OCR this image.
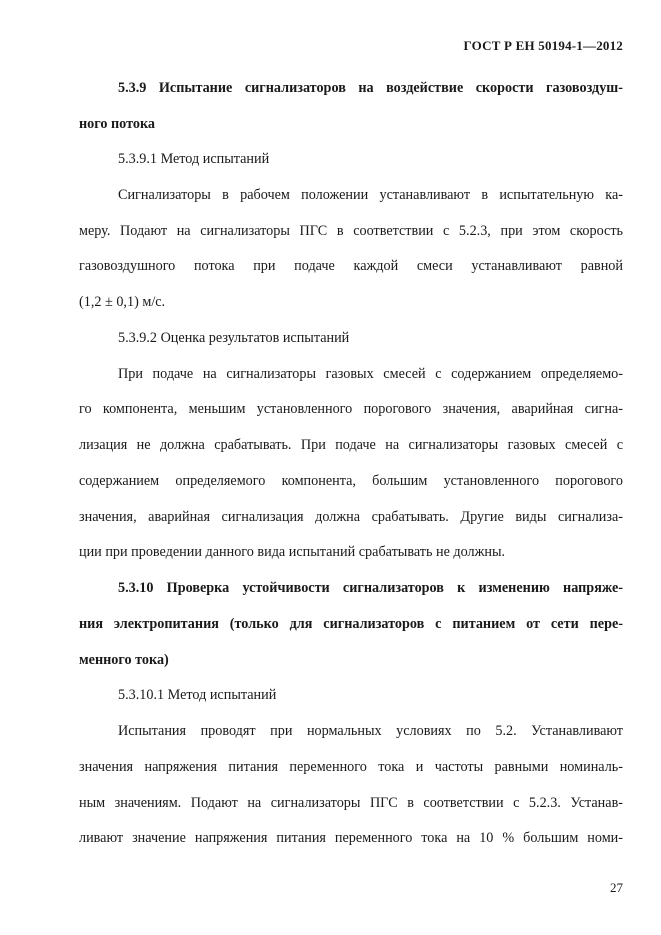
ГОСТ Р ЕН 50194-1—2012
5.3.9 Испытание сигнализаторов на воздействие скорости газовоздуш-
ного потока
5.3.9.1 Метод испытаний
Сигнализаторы в рабочем положении устанавливают в испытательную ка-
меру. Подают на сигнализаторы ПГС в соответствии с 5.2.3, при этом скорость
газовоздушного потока при подаче каждой смеси устанавливают равной
(1,2 ± 0,1) м/с.
5.3.9.2 Оценка результатов испытаний
При подаче на сигнализаторы газовых смесей с содержанием определяемо-
го компонента, меньшим установленного порогового значения, аварийная сигна-
лизация не должна срабатывать. При подаче на сигнализаторы газовых смесей с
содержанием определяемого компонента, большим установленного порогового
значения, аварийная сигнализация должна срабатывать. Другие виды сигнализа-
ции при проведении данного вида испытаний срабатывать не должны.
5.3.10 Проверка устойчивости сигнализаторов к изменению напряже-
ния электропитания (только для сигнализаторов с питанием от сети пере-
менного тока)
5.3.10.1 Метод испытаний
Испытания проводят при нормальных условиях по 5.2. Устанавливают
значения напряжения питания переменного тока и частоты равными номиналь-
ным значениям. Подают на сигнализаторы ПГС в соответствии с 5.2.3. Устанав-
ливают значение напряжения питания переменного тока на 10 % большим номи-
27
